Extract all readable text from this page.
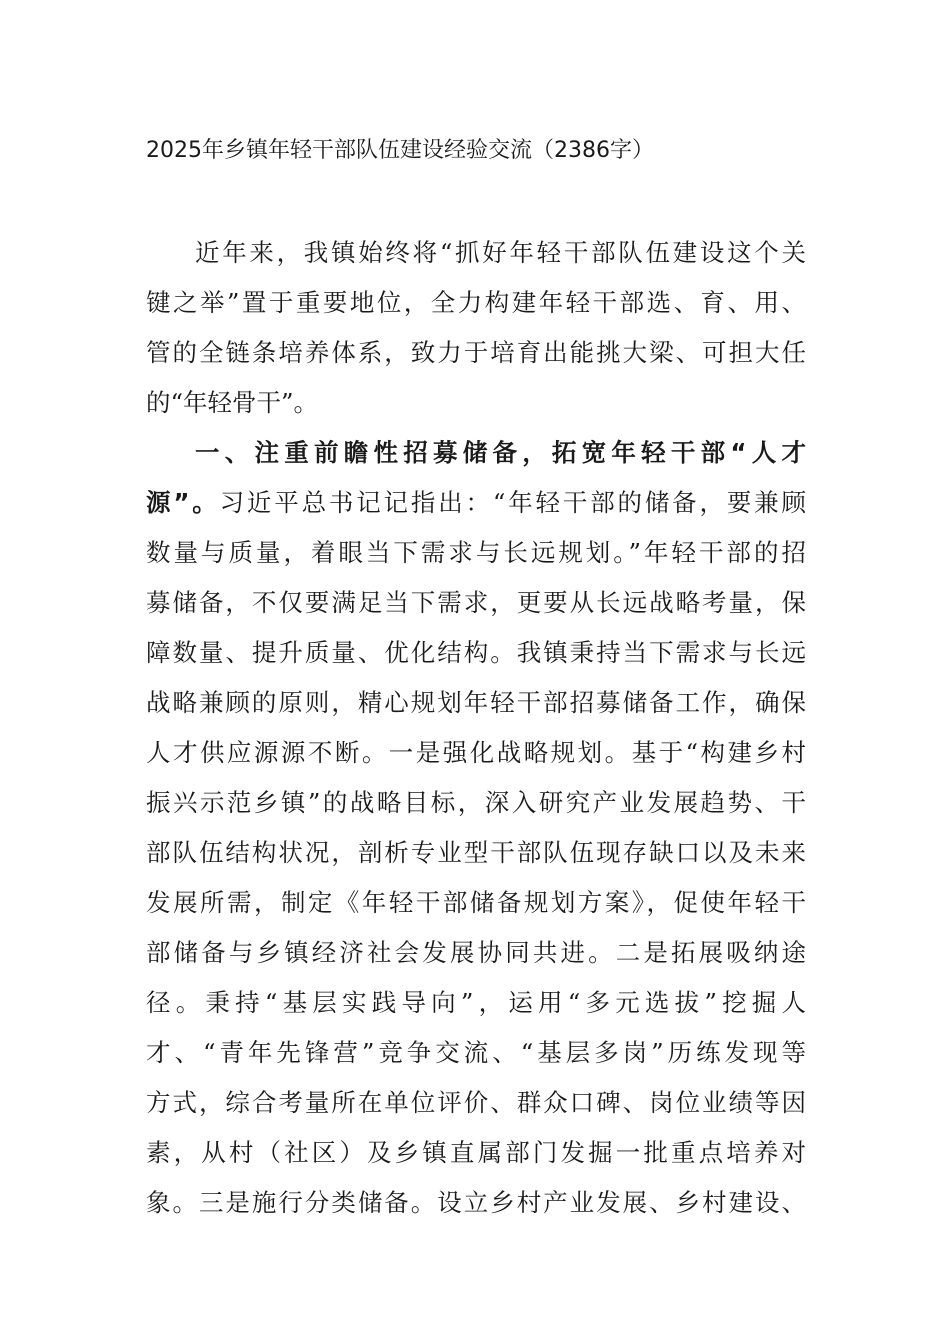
2025年乡镇年轻干部队伍建设经验交流（2386字）
近年来，我镇始终将“抓好年轻干部队伍建设这个关
键之举”置于重要地位，全力构建年轻干部选、育、用、
管的全链条培养体系，致力于培育出能挑大梁、可担大任
的“年轻骨干”。
一、注重前瞻性招募储备，拓宽年轻干部“人才
源”。习近平总书记记指出：“年轻干部的储备，要兼顾
数量与质量，着眼当下需求与长远规划。”年轻干部的招
募储备，不仅要满足当下需求，更要从长远战略考量，保
障数量、提升质量、优化结构。我镇秉持当下需求与长远
战略兼顾的原则，精心规划年轻干部招募储备工作，确保
人才供应源源不断。一是强化战略规划。基于“构建乡村
振兴示范乡镇”的战略目标，深入研究产业发展趋势、干
部队伍结构状况，剖析专业型干部队伍现存缺口以及未来
发展所需，制定《年轻干部储备规划方案》，促使年轻干
部储备与乡镇经济社会发展协同共进。二是拓展吸纳途
径。秉持“基层实践导向”，运用“多元选拔”挖掘人
才、“青年先锋营”竞争交流、“基层多岗”历练发现等
方式，综合考量所在单位评价、群众口碑、岗位业绩等因
素，从村（社区）及乡镇直属部门发掘一批重点培养对
象。三是施行分类储备。设立乡村产业发展、乡村建设、
